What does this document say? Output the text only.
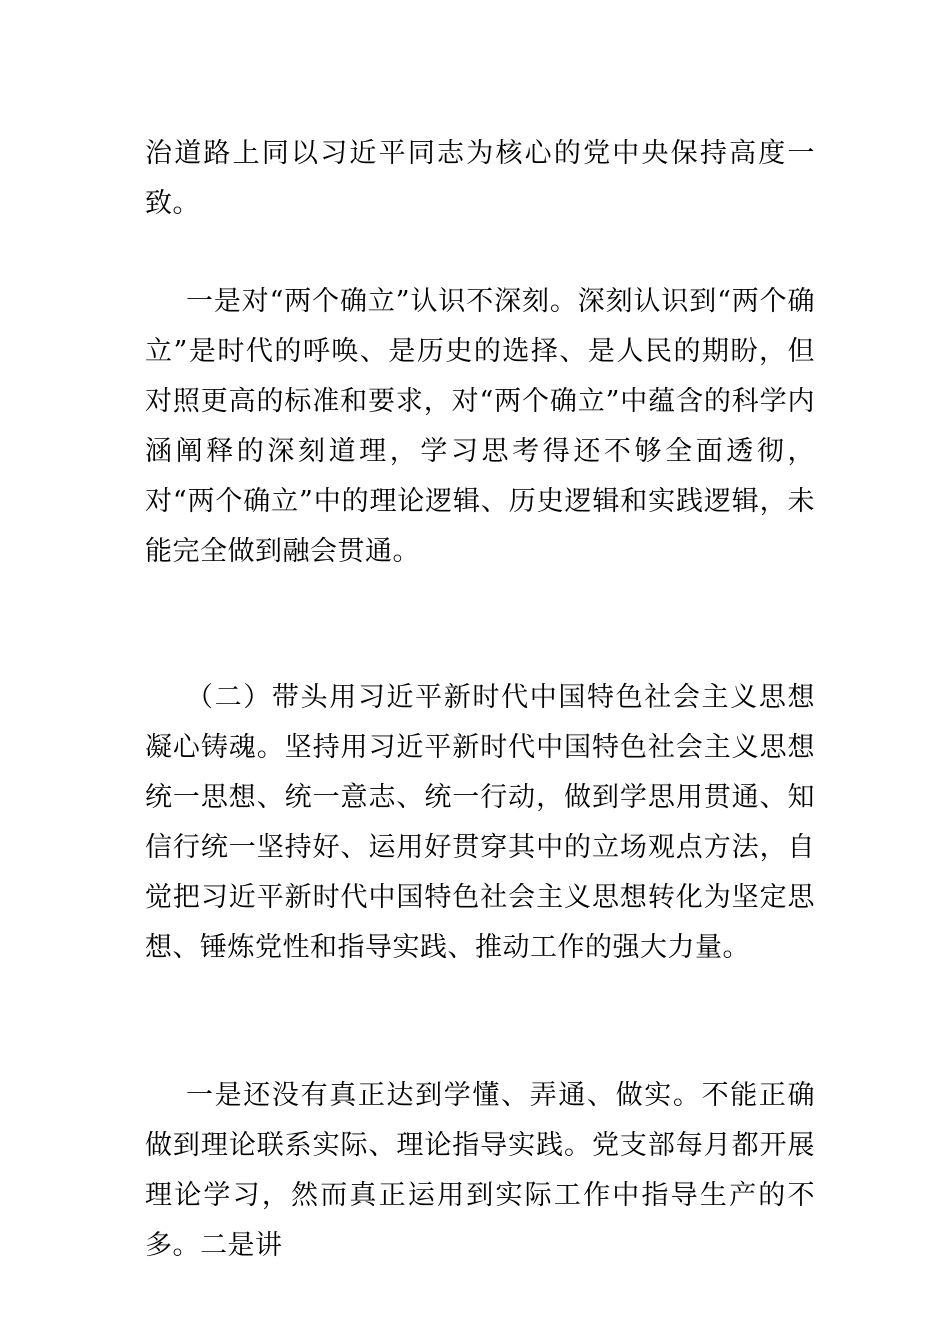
治道路上同以习近平同志为核心的党中央保持高度一致。

一是对“两个确立”认识不深刻。深刻认识到“两个确立”是时代的呼唤、是历史的选择、是人民的期盼，但对照更高的标准和要求，对“两个确立”中蕴含的科学内涵阐释的深刻道理，学习思考得还不够全面透彻，对“两个确立”中的理论逻辑、历史逻辑和实践逻辑，未能完全做到融会贯通。

（二）带头用习近平新时代中国特色社会主义思想凝心铸魂。坚持用习近平新时代中国特色社会主义思想统一思想、统一意志、统一行动，做到学思用贯通、知信行统一坚持好、运用好贯穿其中的立场观点方法，自觉把习近平新时代中国特色社会主义思想转化为坚定思想、锤炼党性和指导实践、推动工作的强大力量。

一是还没有真正达到学懂、弄通、做实。不能正确做到理论联系实际、理论指导实践。党支部每月都开展理论学习，然而真正运用到实际工作中指导生产的不多。二是讲
